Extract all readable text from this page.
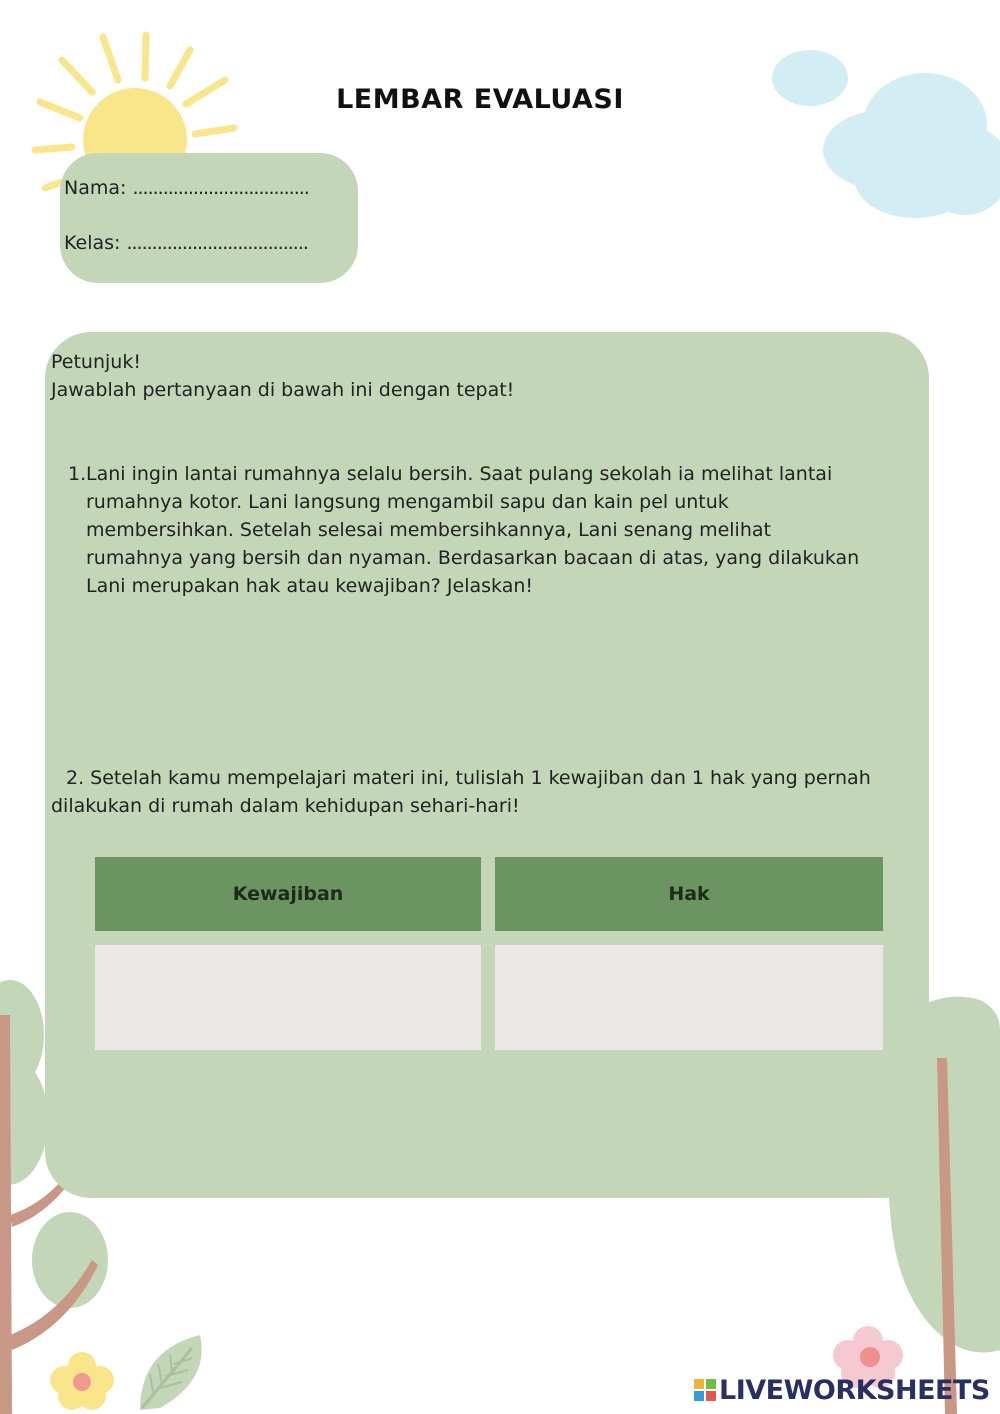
LEMBAR EVALUASI
Nama: ...................................
Kelas: ....................................
Petunjuk!
Jawablah pertanyaan di bawah ini dengan tepat!
1. Lani ingin lantai rumahnya selalu bersih. Saat pulang sekolah ia melihat lantai
rumahnya kotor. Lani langsung mengambil sapu dan kain pel untuk
membersihkan. Setelah selesai membersihkannya, Lani senang melihat
rumahnya yang bersih dan nyaman. Berdasarkan bacaan di atas, yang dilakukan
Lani merupakan hak atau kewajiban? Jelaskan!
2. Setelah kamu mempelajari materi ini, tulislah 1 kewajiban dan 1 hak yang pernah
dilakukan di rumah dalam kehidupan sehari-hari!
Kewajiban	Hak
LIVEWORKSHEETS
